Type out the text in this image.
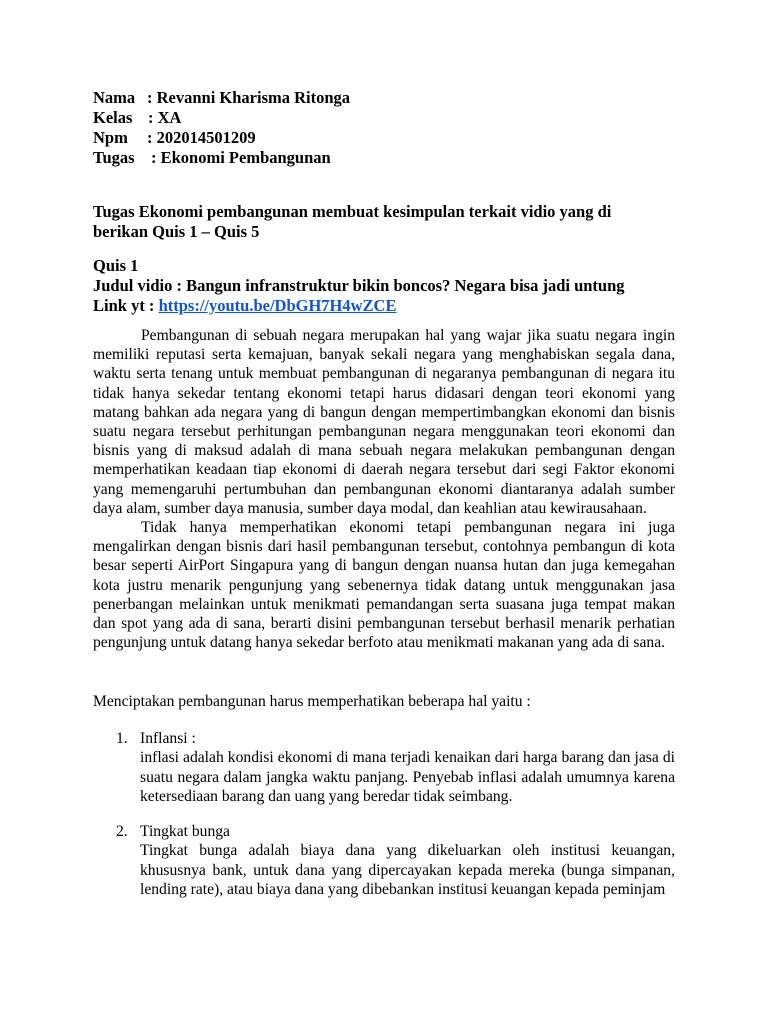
Nama : Revanni Kharisma Ritonga
Kelas : XA
Npm	: 202014501209
Tugas : Ekonomi Pembangunan
Tugas Ekonomi pembangunan membuat kesimpulan terkait vidio yang di berikan Quis 1 – Quis 5
Quis 1
Judul vidio : Bangun infranstruktur bikin boncos? Negara bisa jadi untung
Link yt : https://youtu.be/DbGH7H4wZCE
Pembangunan di sebuah negara merupakan hal yang wajar jika suatu negara ingin memiliki reputasi serta kemajuan, banyak sekali negara yang menghabiskan segala dana, waktu serta tenang untuk membuat pembangunan di negaranya pembangunan di negara itu tidak hanya sekedar tentang ekonomi tetapi harus didasari dengan teori ekonomi yang matang bahkan ada negara yang di bangun dengan mempertimbangkan ekonomi dan bisnis suatu negara tersebut perhitungan pembangunan negara menggunakan teori ekonomi dan bisnis yang di maksud adalah di mana sebuah negara melakukan pembangunan dengan memperhatikan keadaan tiap ekonomi di daerah negara tersebut dari segi Faktor ekonomi yang memengaruhi pertumbuhan dan pembangunan ekonomi diantaranya adalah sumber daya alam, sumber daya manusia, sumber daya modal, dan keahlian atau kewirausahaan.
Tidak hanya memperhatikan ekonomi tetapi pembangunan negara ini juga mengalirkan dengan bisnis dari hasil pembangunan tersebut, contohnya pembangun di kota besar seperti AirPort Singapura yang di bangun dengan nuansa hutan dan juga kemegahan kota justru menarik pengunjung yang sebenernya tidak datang untuk menggunakan jasa penerbangan melainkan untuk menikmati pemandangan serta suasana juga tempat makan dan spot yang ada di sana, berarti disini pembangunan tersebut berhasil menarik perhatian pengunjung untuk datang hanya sekedar berfoto atau menikmati makanan yang ada di sana.
Menciptakan pembangunan harus memperhatikan beberapa hal yaitu :
1. Inflansi :
inflasi adalah kondisi ekonomi di mana terjadi kenaikan dari harga barang dan jasa di suatu negara dalam jangka waktu panjang. Penyebab inflasi adalah umumnya karena ketersediaan barang dan uang yang beredar tidak seimbang.
2. Tingkat bunga
Tingkat bunga adalah biaya dana yang dikeluarkan oleh institusi keuangan, khususnya bank, untuk dana yang dipercayakan kepada mereka (bunga simpanan, lending rate), atau biaya dana yang dibebankan institusi keuangan kepada peminjam
